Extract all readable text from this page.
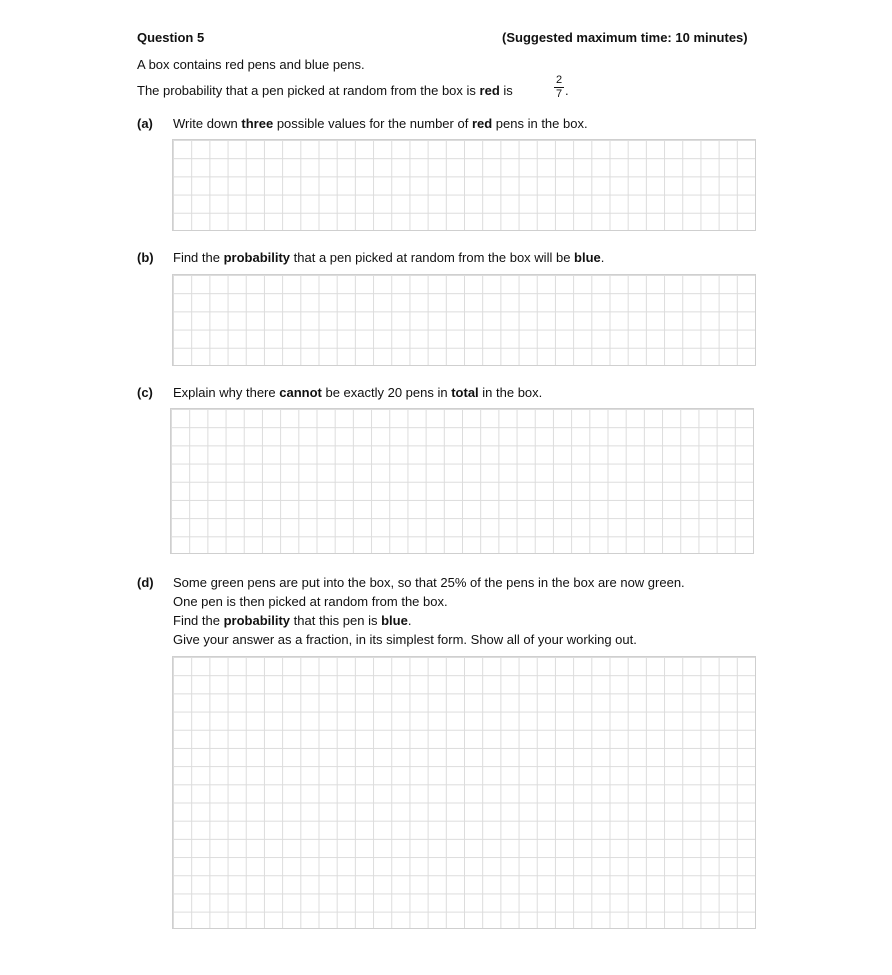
Question 5	(Suggested maximum time: 10 minutes)
A box contains red pens and blue pens.
The probability that a pen picked at random from the box is red is
2
7 .
(a) Write down three possible values for the number of red pens in the box.
(b) Find the probability that a pen picked at random from the box will be blue.
(c) Explain why there cannot be exactly 20 pens in total in the box.
(d) Some green pens are put into the box, so that 25% of the pens in the box are now green.
One pen is then picked at random from the box.
Find the probability that this pen is blue.
Give your answer as a fraction, in its simplest form. Show all of your working out.
